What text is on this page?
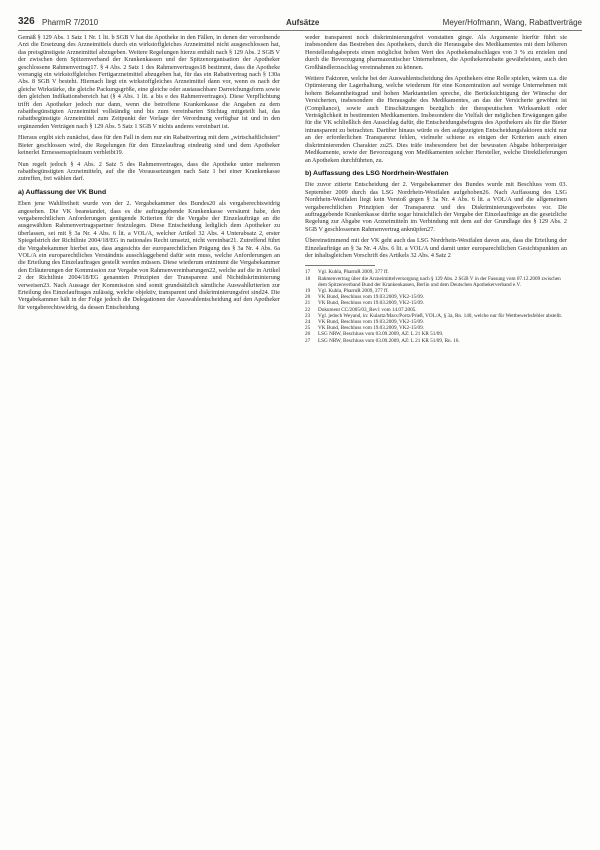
326 PharmR 7/2010	Aufsätze	Meyer/Hofmann, Wang, Rabattverträge

Gemäß § 129 Abs. 1 Satz 1 Nr. 1 lit. b SGB V hat die Apotheke in den Fällen, in denen der verordnende Arzt die Ersetzung des Arzneimittels durch ein wirkstoffgleiches Arzneimittel nicht ausgeschlossen hat, das preisgünstigste Arzneimittel abzugeben. Weitere Regelungen hierzu enthält nach § 129 Abs. 2 SGB V der zwischen dem Spitzenverband der Krankenkassen und der Spitzenorganisation der Apotheker geschlossene Rahmenvertrag17. § 4 Abs. 2 Satz 1 des Rahmenvertrages18 bestimmt, dass die Apotheke vorrangig ein wirkstoffgleiches Fertigarzneimittel abzugeben hat, für das ein Rabattvertrag nach § 130a Abs. 8 SGB V besteht. Hiernach liegt ein wirkstoffgleiches Arzneimittel dann vor, wenn es nach der gleiche Wirkstärke, die gleiche Packungsgröße, eine gleiche oder austauschbare Darreichungsform sowie den gleichen Indikationsbereich hat (§ 4 Abs. 1 lit. a bis e des Rahmenvertrages). Diese Verpflichtung trifft den Apotheker jedoch nur dann, wenn die betroffene Krankenkasse die Angaben zu dem rabattbegünstigten Arzneimittel vollständig und bis zum vereinbarten Stichtag mitgeteilt hat, das rabattbegünstigte Arzneimittel zum Zeitpunkt der Vorlage der Verordnung verfügbar ist und in den ergänzenden Verträgen nach § 129 Abs. 5 Satz 1 SGB V nichts anderes vereinbart ist.

Hieraus ergibt sich zunächst, dass für den Fall in dem nur ein Rabattvertrag mit dem „wirtschaftlichsten“ Bieter geschlossen wird, die Regelungen für den Einzelauftrag eindeutig sind und dem Apotheker keinerlei Ermessensspielraum verbleibt19.

Nun regelt jedoch § 4 Abs. 2 Satz 5 des Rahmenvertrages, dass die Apotheke unter mehreren rabattbegünstigten Arzneimitteln, auf die die Voraussetzungen nach Satz 1 bei einer Krankenkasse zutreffen, frei wählen darf.

a) Auffassung der VK Bund

Eben jene Wahlfreiheit wurde von der 2. Vergabekammer des Bundes20 als vergaberechtswidrig angesehen. Die VK beanstandet, dass es die auftraggebende Krankenkasse versäumt habe, den vergaberechtlichen Anforderungen genügende Kriterien für die Vergabe der Einzelaufträge an die ausgewählten Rahmenvertragspartner festzulegen. Diese Entscheidung lediglich dem Apotheker zu überlassen, sei mit § 3a Nr. 4 Abs. 6 lit. a VOL/A, welcher Artikel 32 Abs. 4 Unterabsatz 2, erster Spiegelstrich der Richtlinie 2004/18/EG in nationales Recht umsetzt, nicht vereinbar21. Zutreffend führt die Vergabekammer hierbei aus, dass angesichts der europarechtlichen Prägung des § 3a Nr. 4 Abs. 6a VOL/A ein europarechtliches Verständnis ausschlaggebend dafür sein muss, welche Anforderungen an die Erteilung des Einzelauftrages gestellt werden müssen. Diese wiederum entnimmt die Vergabekammer den Erläuterungen der Kommission zur Vergabe von Rahmenvereinbarungen22, welche auf die in Artikel 2 der Richtlinie 2004/18/EG genannten Prinzipien der Transparenz und Nichtdiskriminierung verweisen23. Nach Aussage der Kommission sind somit grundsätzlich sämtliche Auswahlkriterien zur Erteilung des Einzelauftrages zulässig, welche objektiv, transparent und diskriminierungsfrei sind24. Die Vergabekammer hält in der Folge jedoch die Delegationen der Auswahlentscheidung auf den Apotheker für vergaberechtswidrig, da dessen Entscheidung

weder transparent noch diskriminierungsfrei vonstatten ginge. Als Argumente hierfür führt sie insbesondere das Bestreben des Apothekers, durch die Herausgabe des Medikamentes mit dem höheren Herstellerabgabepreis einen möglichst hohen Wert des Apothekenabschlages von 3 % zu erzielen und durch die Bevorzugung pharmazeutischer Unternehmen, die Apothekenrabatte gewährleisten, auch den Großhändlerzuschlag vereinnahmen zu können.

Weitere Faktoren, welche bei der Auswahlentscheidung des Apothekers eine Rolle spielen, wären u.a. die Optimierung der Lagerhaltung, welche wiederum für eine Konzentration auf wenige Unternehmen mit hohem Bekanntheitsgrad und hohen Marktanteilen spreche, die Berücksichtigung der Wünsche der Versicherten, insbesondere die Herausgabe des Medikamentes, an das der Versicherte gewöhnt ist (Compliance), sowie auch Einschätzungen bezüglich der therapeutischen Wirksamkeit oder Verträglichkeit in bestimmten Medikamenten. Insbesondere die Vielfalt der möglichen Erwägungen gäbe für die VK schließlich den Ausschlag dafür, die Entscheidungsbefugnis des Apothekers als für die Bieter intransparent zu betrachten. Darüber hinaus würde es den aufgezeigten Entscheidungsfaktoren nicht nur an der erforderlichen Transparenz fehlen, vielmehr schiene es einigen der Kriterien auch einen diskriminierenden Charakter zu25. Dies träfe insbesondere bei der bewussten Abgabe höherpreisiger Medikamente, sowie der Bevorzugung von Medikamenten solcher Hersteller, welche Direktlieferungen an Apotheken durchführten, zu.

b) Auffassung des LSG Nordrhein-Westfalen

Die zuvor zitierte Entscheidung der 2. Vergabekammer des Bundes wurde mit Beschluss vom 03. September 2009 durch das LSG Nordrhein-Westfalen aufgehoben26. Nach Auffassung des LSG Nordrhein-Westfalen liegt kein Verstoß gegen § 3a Nr. 4 Abs. 6 lit. a VOL/A und die allgemeinen vergaberechtlichen Prinzipien der Transparenz und des Diskriminierungsverbotes vor. Die auftraggebende Krankenkasse dürfte sogar hinsichtlich der Vergabe der Einzelaufträge an die gesetzliche Regelung zur Abgabe von Arzneimitteln im Verbindung mit dem auf der Grundlage des § 129 Abs. 2 SGB V geschlossenen Rahmenvertrag anknüpfen27.

Übereinstimmend mit der VK geht auch das LSG Nordrhein-Westfalen davon aus, dass die Erteilung der Einzelaufträge an § 3a Nr. 4 Abs. 6 lit. a VOL/A und damit unter europarechtlichen Gesichtspunkten an der inhaltsgleichen Vorschrift des Artikels 32 Abs. 4 Satz 2

17	Vgl. Kuhla, PharmR 2009, 377 ff.
18	Rahmenvertrag über die Arzneimittelversorgung nach § 129 Abs. 2 SGB V in der Fassung vom 07.12.2009 zwischen dem Spitzenverband Bund der Krankenkassen, Berlin und dem Deutschen Apothekerverband e.V.
19	Vgl. Kuhla, PharmR 2009, 377 ff.
20	VK Bund, Beschluss vom 19.03.2009, VK2-15/09.
21	VK Bund, Beschluss vom 19.03.2009, VK2-15/09.
22	Dokument CC/2005/03_Rev1 vom 14.07.2005.
23	Vgl. jedoch Weyand, in: Kulartz/Marx/Portz/Prieß, VOL/A, § 3a, Rn. 140, welche nur für Wettbewerbsfehler abstellt.
24	VK Bund, Beschluss vom 19.03.2009, VK2-15/09.
25	VK Bund, Beschluss vom 19.03.2009, VK2-15/09.
26	LSG NRW, Beschluss vom 03.09.2009, AZ: L 21 KR 51/09.
27	LSG NRW, Beschluss vom 03.09.2009, AZ: L 21 KR 51/09, Rn. 16.
